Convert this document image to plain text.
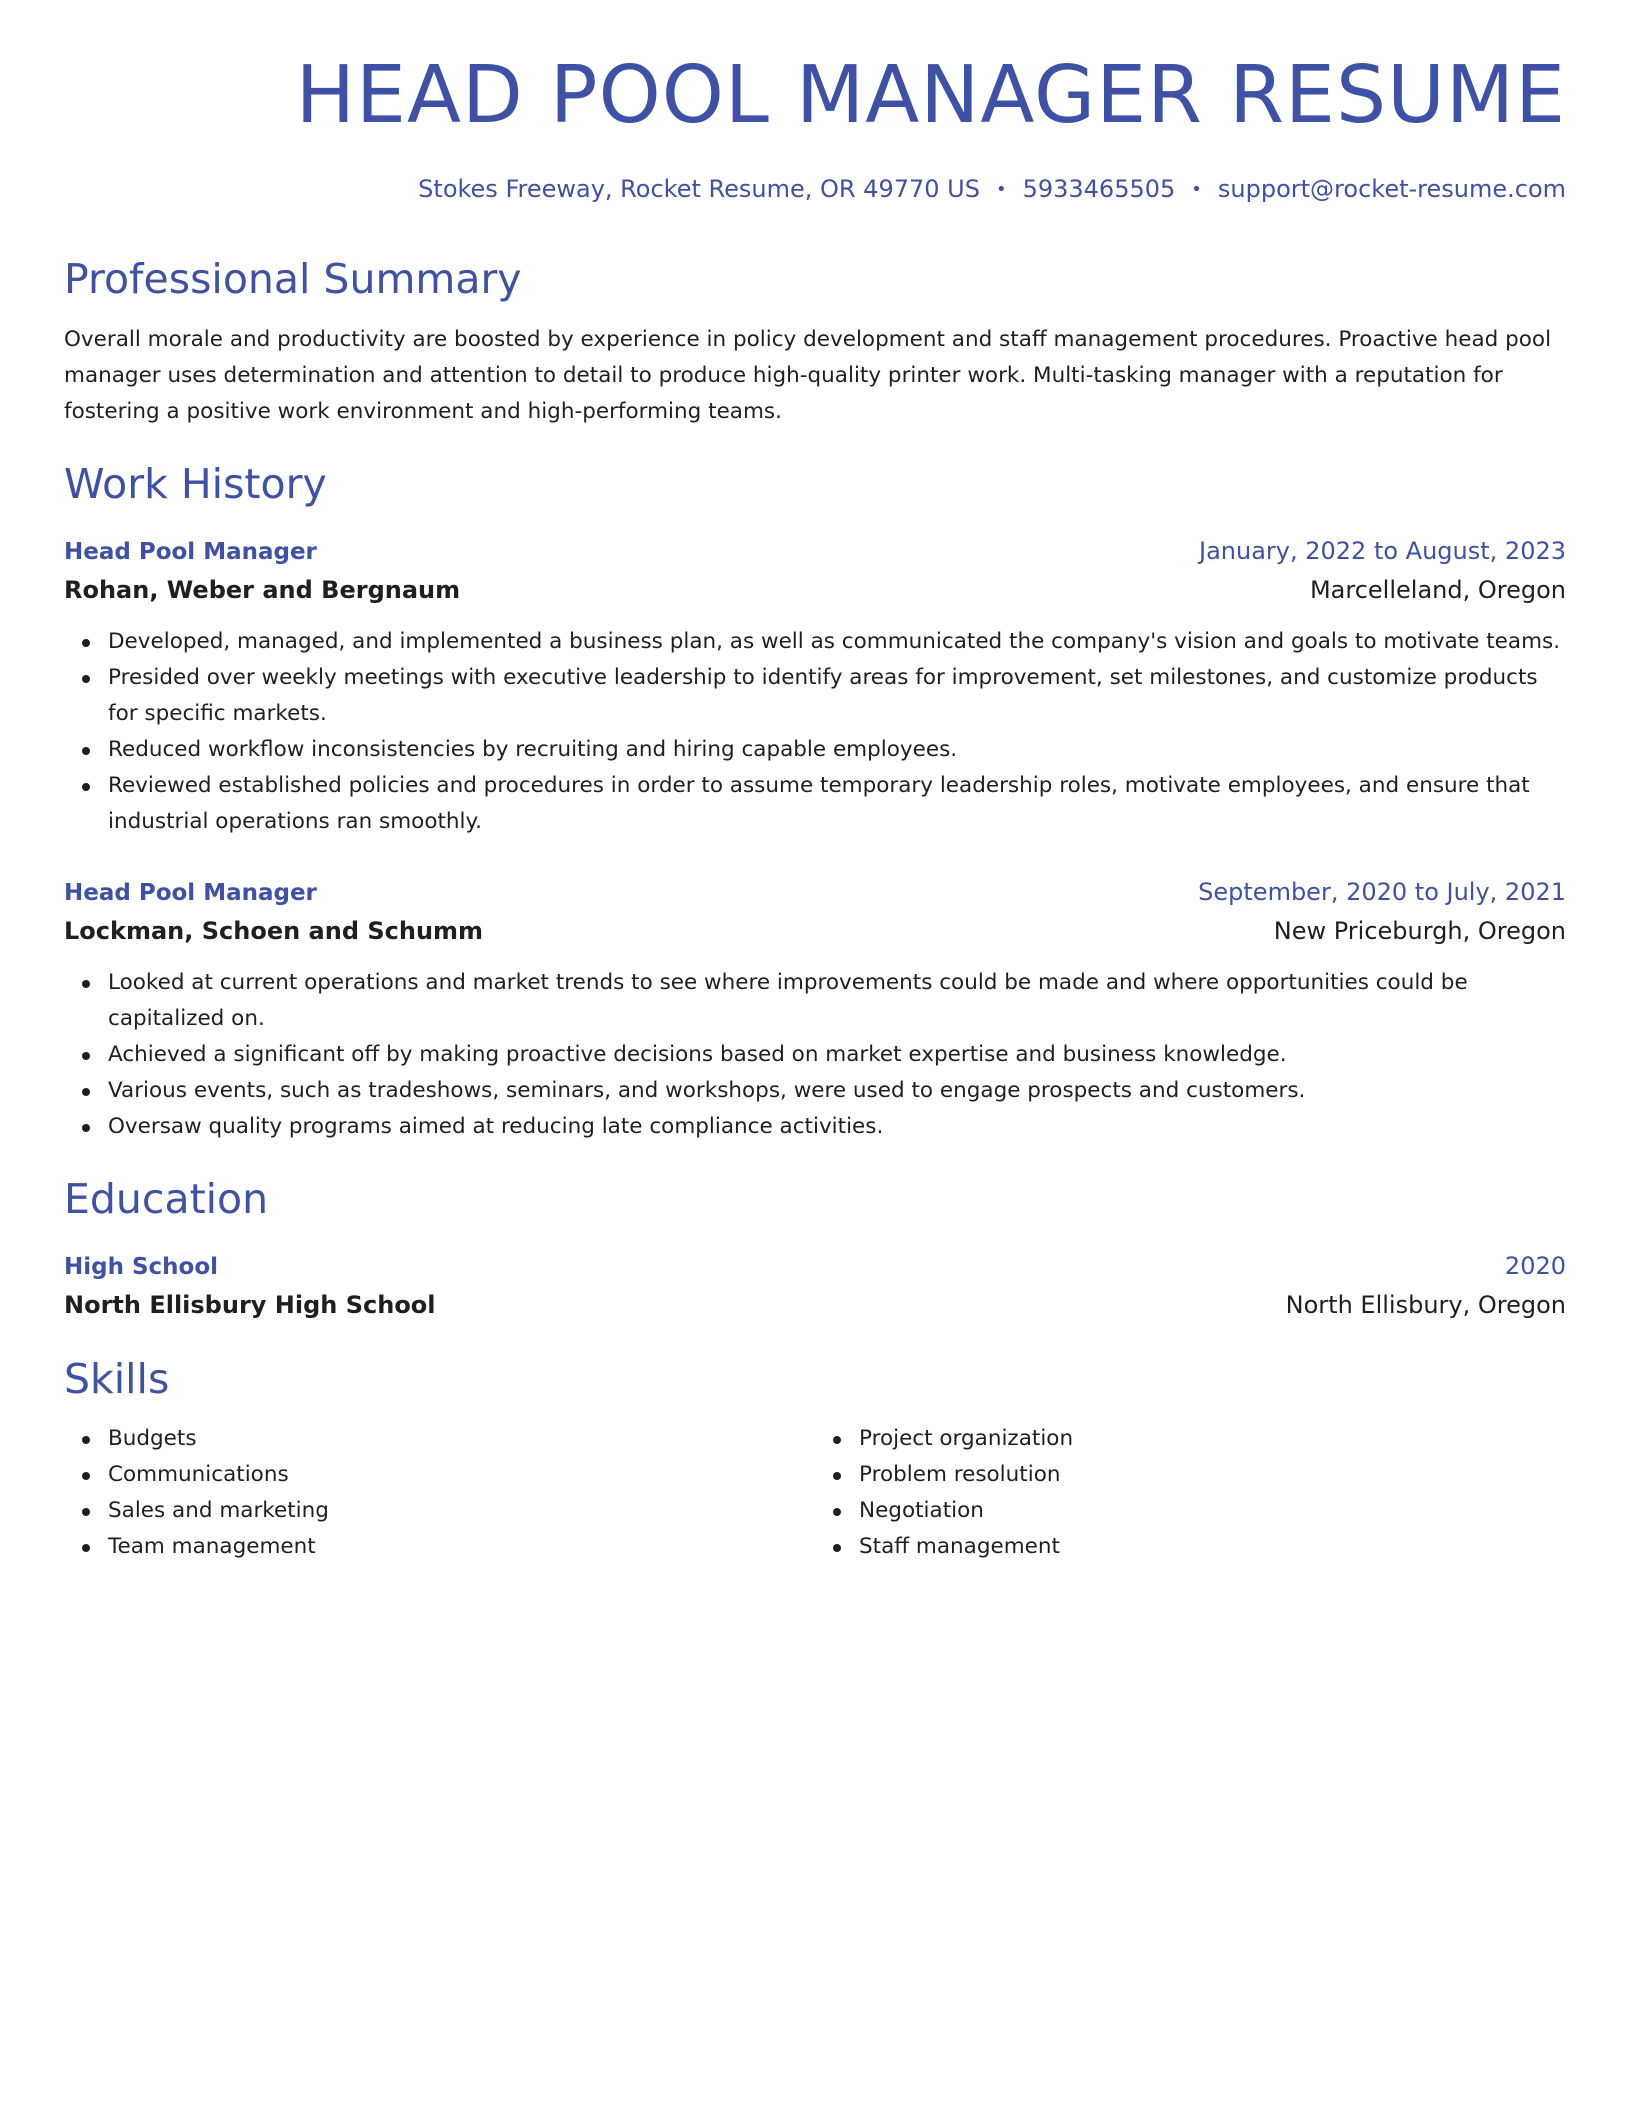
HEAD POOL MANAGER RESUME
Stokes Freeway, Rocket Resume, OR 49770 US • 5933465505 • support@rocket-resume.com
Professional Summary
Overall morale and productivity are boosted by experience in policy development and staff management procedures. Proactive head pool manager uses determination and attention to detail to produce high-quality printer work. Multi-tasking manager with a reputation for fostering a positive work environment and high-performing teams.
Work History
Head Pool Manager	January, 2022 to August, 2023
Rohan, Weber and Bergnaum	Marcelleland, Oregon
Developed, managed, and implemented a business plan, as well as communicated the company's vision and goals to motivate teams.
Presided over weekly meetings with executive leadership to identify areas for improvement, set milestones, and customize products for specific markets.
Reduced workflow inconsistencies by recruiting and hiring capable employees.
Reviewed established policies and procedures in order to assume temporary leadership roles, motivate employees, and ensure that industrial operations ran smoothly.
Head Pool Manager	September, 2020 to July, 2021
Lockman, Schoen and Schumm	New Priceburgh, Oregon
Looked at current operations and market trends to see where improvements could be made and where opportunities could be capitalized on.
Achieved a significant off by making proactive decisions based on market expertise and business knowledge.
Various events, such as tradeshows, seminars, and workshops, were used to engage prospects and customers.
Oversaw quality programs aimed at reducing late compliance activities.
Education
High School	2020
North Ellisbury High School	North Ellisbury, Oregon
Skills
Budgets
Communications
Sales and marketing
Team management
Project organization
Problem resolution
Negotiation
Staff management
